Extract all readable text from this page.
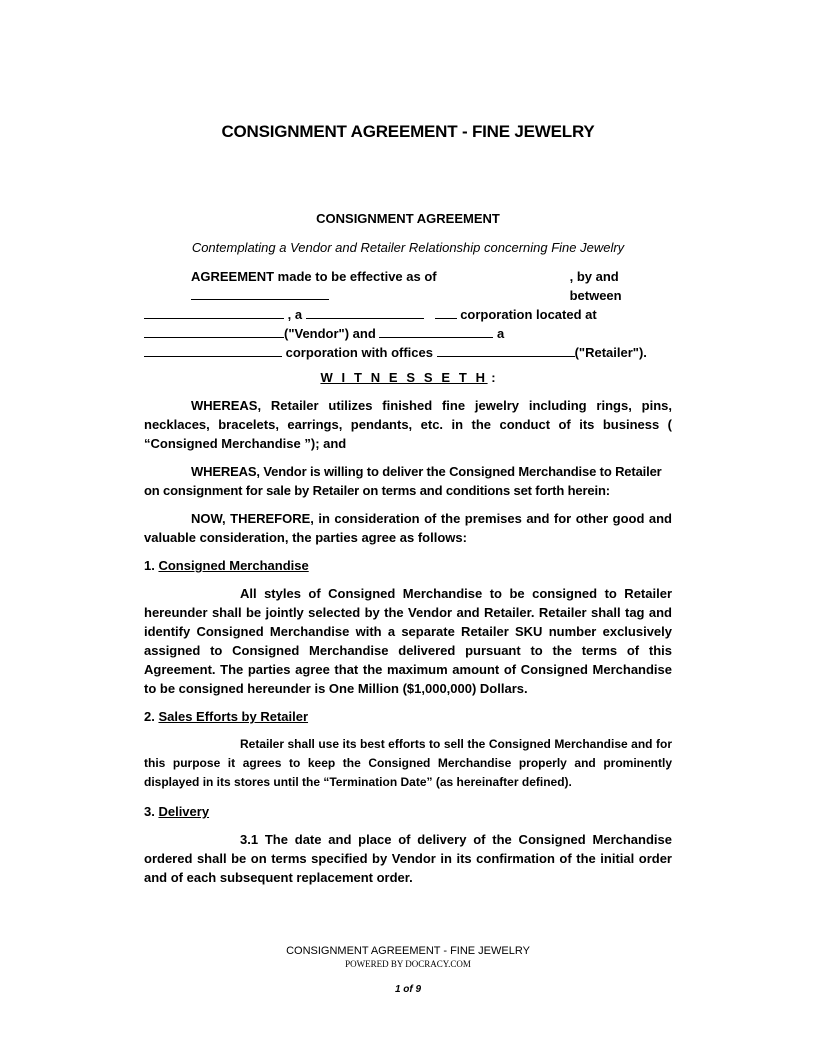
CONSIGNMENT AGREEMENT - FINE JEWELRY

CONSIGNMENT AGREEMENT

Contemplating a Vendor and Retailer Relationship concerning Fine Jewelry

AGREEMENT made to be effective as of	, by and between
, a	corporation located at
("Vendor") and	a
corporation with offices	("Retailer").

W I T N E S S E T H :

WHEREAS, Retailer utilizes finished fine jewelry including rings, pins, necklaces, bracelets, earrings, pendants, etc. in the conduct of its business ( “Consigned Merchandise ”); and

WHEREAS, Vendor is willing to deliver the Consigned Merchandise to Retailer on consignment for sale by Retailer on terms and conditions set forth herein:

NOW, THEREFORE, in consideration of the premises and for other good and valuable consideration, the parties agree as follows:

1. Consigned Merchandise

All styles of Consigned Merchandise to be consigned to Retailer hereunder shall be jointly selected by the Vendor and Retailer. Retailer shall tag and identify Consigned Merchandise with a separate Retailer SKU number exclusively assigned to Consigned Merchandise delivered pursuant to the terms of this Agreement. The parties agree that the maximum amount of Consigned Merchandise to be consigned hereunder is One Million ($1,000,000) Dollars.

2. Sales Efforts by Retailer

Retailer shall use its best efforts to sell the Consigned Merchandise and for this purpose it agrees to keep the Consigned Merchandise properly and prominently displayed in its stores until the “Termination Date” (as hereinafter defined).

3. Delivery

3.1 The date and place of delivery of the Consigned Merchandise ordered shall be on terms specified by Vendor in its confirmation of the initial order and of each subsequent replacement order.

CONSIGNMENT AGREEMENT - FINE JEWELRY
POWERED BY DOCRACY.COM
1 of 9
